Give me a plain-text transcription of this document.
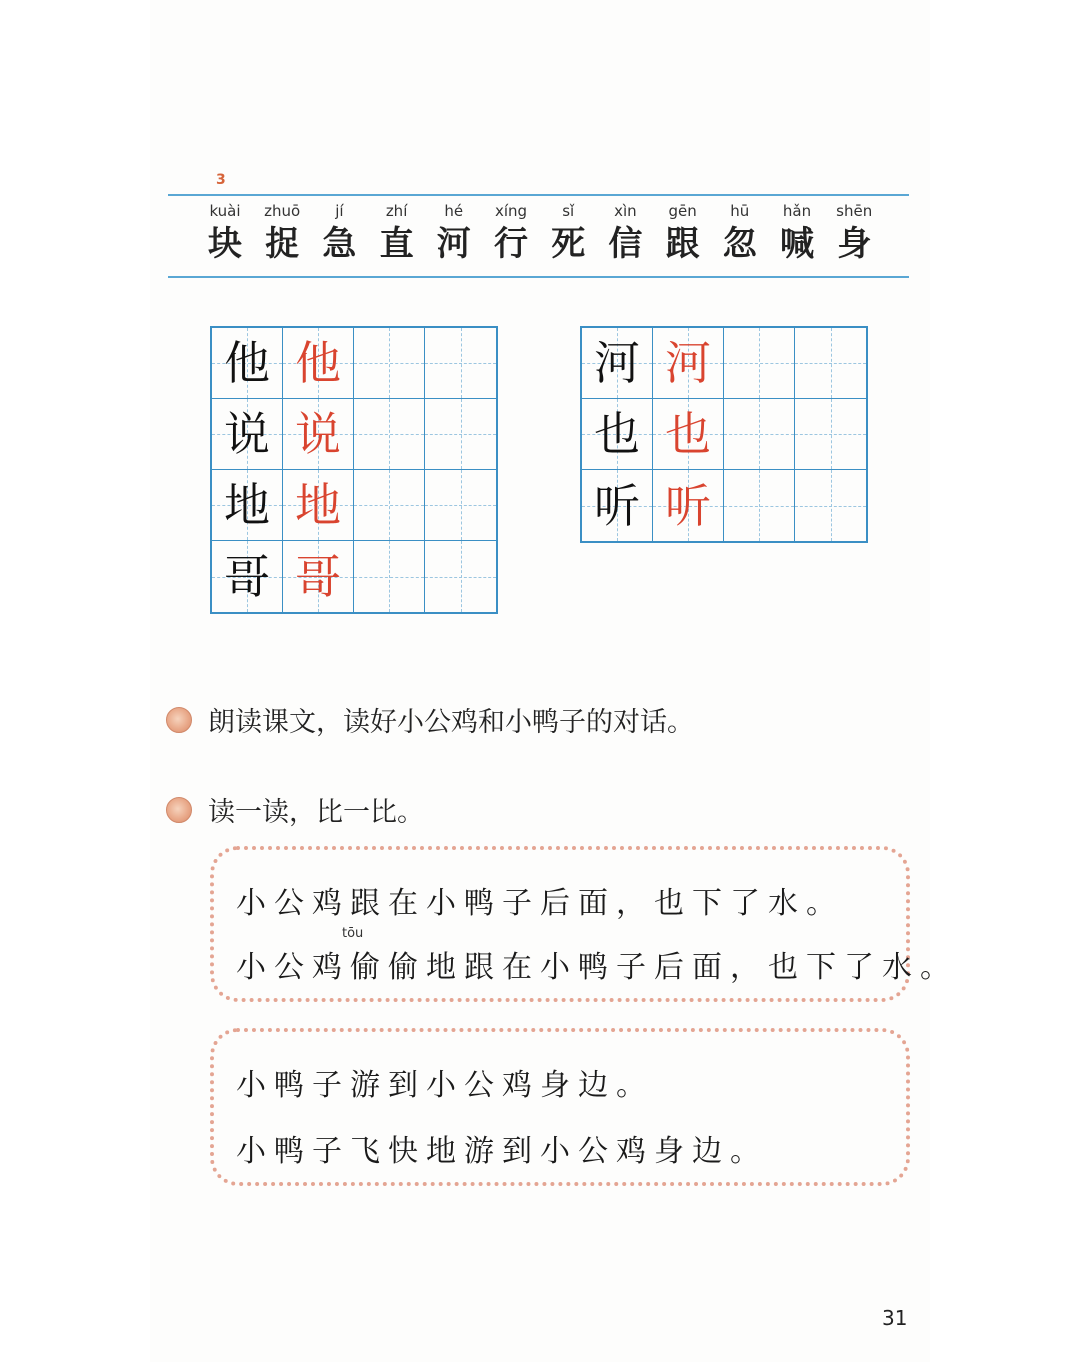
3
kuài
块
zhuō
捉
jí
急
zhí
直
hé
河
xíng
行
sǐ
死
xìn
信
gēn
跟
hū
忽
hǎn
喊
shēn
身
他 他
说 说
地 地
哥 哥
河 河
也 也
听 听
朗读课文，读好小公鸡和小鸭子的对话。
读一读，比一比。
小公鸡跟在小鸭子后面，也下了水。
tōu
小公鸡偷偷地跟在小鸭子后面，也下了水。
小鸭子游到小公鸡身边。
小鸭子飞快地游到小公鸡身边。
31
